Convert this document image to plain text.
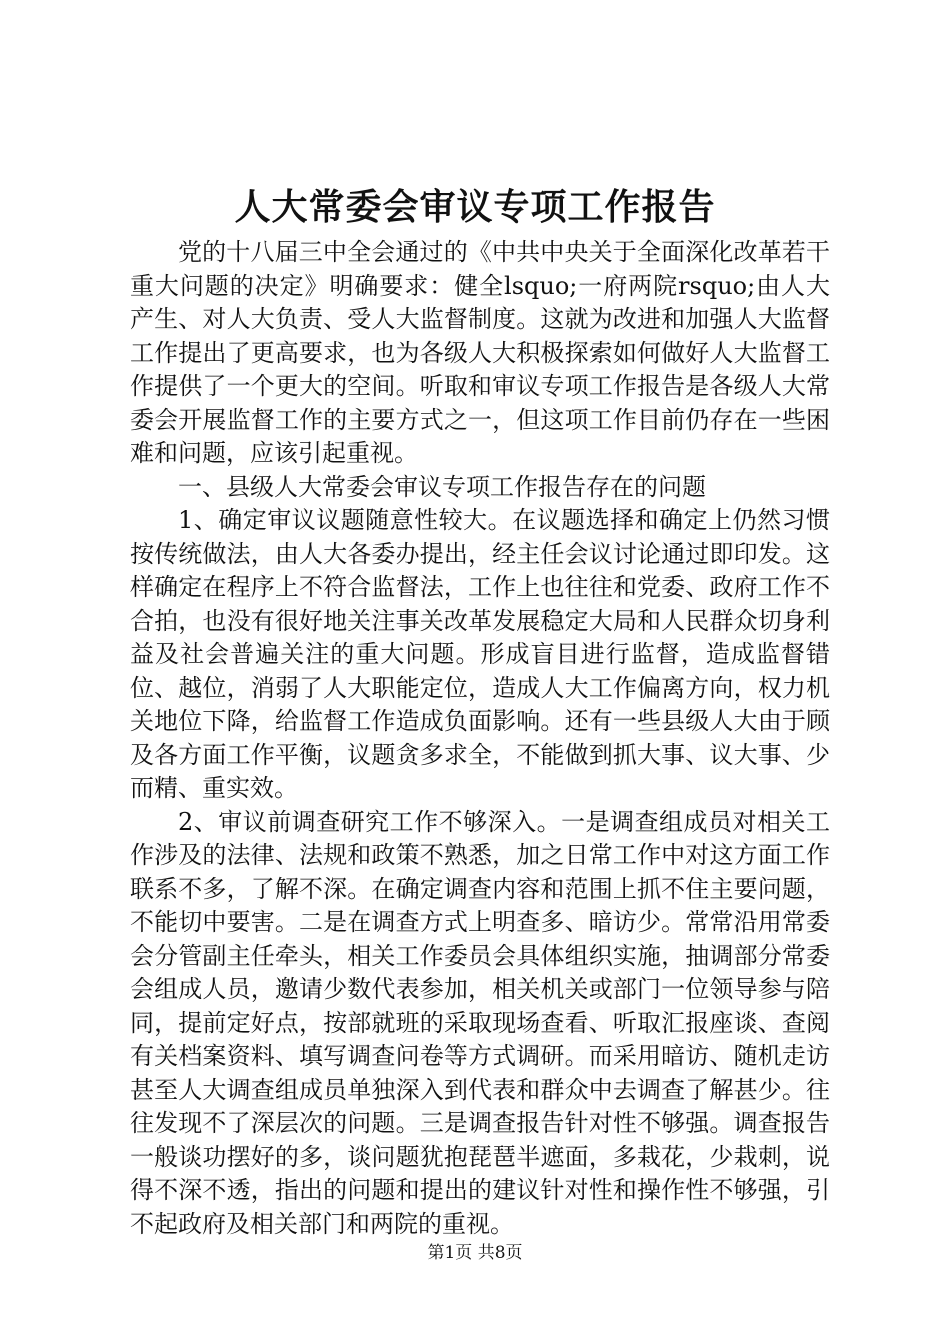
人大常委会审议专项工作报告

党的十八届三中全会通过的《中共中央关于全面深化改革若干重大问题的决定》明确要求：健全lsquo;一府两院rsquo;由人大产生、对人大负责、受人大监督制度。这就为改进和加强人大监督工作提出了更高要求，也为各级人大积极探索如何做好人大监督工作提供了一个更大的空间。听取和审议专项工作报告是各级人大常委会开展监督工作的主要方式之一，但这项工作目前仍存在一些困难和问题，应该引起重视。

一、县级人大常委会审议专项工作报告存在的问题

1、确定审议议题随意性较大。在议题选择和确定上仍然习惯按传统做法，由人大各委办提出，经主任会议讨论通过即印发。这样确定在程序上不符合监督法，工作上也往往和党委、政府工作不合拍，也没有很好地关注事关改革发展稳定大局和人民群众切身利益及社会普遍关注的重大问题。形成盲目进行监督，造成监督错位、越位，消弱了人大职能定位，造成人大工作偏离方向，权力机关地位下降，给监督工作造成负面影响。还有一些县级人大由于顾及各方面工作平衡，议题贪多求全，不能做到抓大事、议大事、少而精、重实效。

2、审议前调查研究工作不够深入。一是调查组成员对相关工作涉及的法律、法规和政策不熟悉，加之日常工作中对这方面工作联系不多，了解不深。在确定调查内容和范围上抓不住主要问题，不能切中要害。二是在调查方式上明查多、暗访少。常常沿用常委会分管副主任牵头，相关工作委员会具体组织实施，抽调部分常委会组成人员，邀请少数代表参加，相关机关或部门一位领导参与陪同，提前定好点，按部就班的采取现场查看、听取汇报座谈、查阅有关档案资料、填写调查问卷等方式调研。而采用暗访、随机走访甚至人大调查组成员单独深入到代表和群众中去调查了解甚少。往往发现不了深层次的问题。三是调查报告针对性不够强。调查报告一般谈功摆好的多，谈问题犹抱琵琶半遮面，多栽花，少栽刺，说得不深不透，指出的问题和提出的建议针对性和操作性不够强，引不起政府及相关部门和两院的重视。

第1页 共8页
